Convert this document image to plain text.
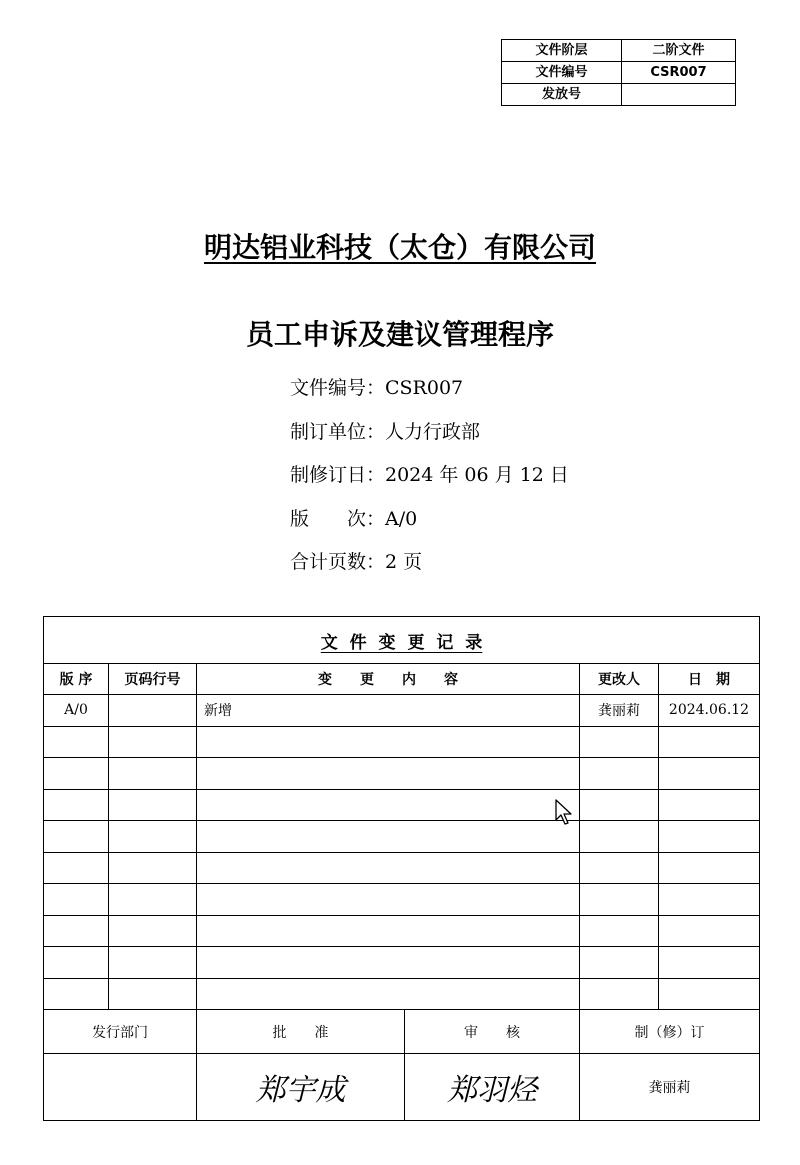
文件阶层	二阶文件
文件编号	CSR007
发放号	
明达铝业科技（太仓）有限公司
员工申诉及建议管理程序
文件编号：CSR007
制订单位：人力行政部
制修订日：2024 年 06 月 12 日
版　　次：A/0
合计页数：2 页
文 件 变 更 记 录					
版 序	页码行号	变　　更　　内　　容		更改人	日　期
A/0		新增		龚丽莉	2024.06.12

发行部门		批　　准	审　　核	制（修）订	
		郑宇成	郑羽烃	龚丽莉	
